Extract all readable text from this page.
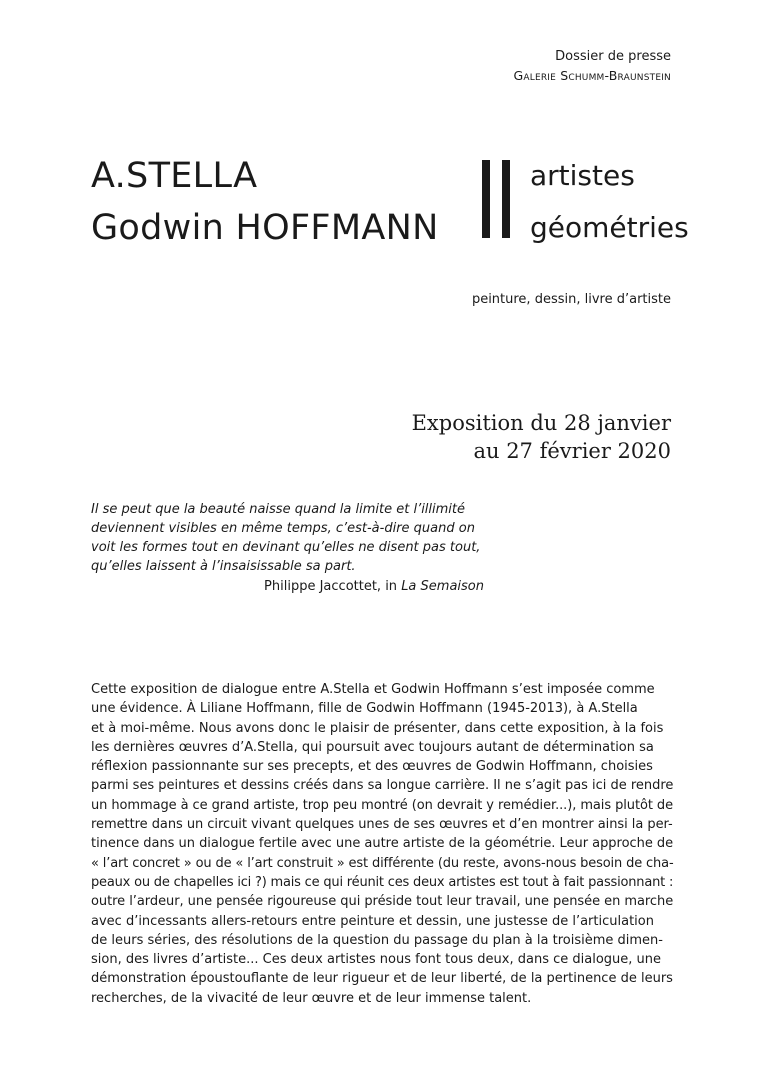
Dossier de presse
Galerie Schumm-Braunstein
A.STELLA
Godwin HOFFMANN
artistes
géométries
peinture, dessin, livre d’artiste
Exposition du 28 janvier
au 27 février 2020
Il se peut que la beauté naisse quand la limite et l’illimité
deviennent visibles en même temps, c’est-à-dire quand on
voit les formes tout en devinant qu’elles ne disent pas tout,
qu’elles laissent à l’insaisissable sa part.
Philippe Jaccottet, in La Semaison
Cette exposition de dialogue entre A.Stella et Godwin Hoffmann s’est imposée comme
une évidence. À Liliane Hoffmann, fille de Godwin Hoffmann (1945-2013), à A.Stella
et à moi-même. Nous avons donc le plaisir de présenter, dans cette exposition, à la fois
les dernières œuvres d’A.Stella, qui poursuit avec toujours autant de détermination sa
réflexion passionnante sur ses precepts, et des œuvres de Godwin Hoffmann, choisies
parmi ses peintures et dessins créés dans sa longue carrière. Il ne s’agit pas ici de rendre
un hommage à ce grand artiste, trop peu montré (on devrait y remédier...), mais plutôt de
remettre dans un circuit vivant quelques unes de ses œuvres et d’en montrer ainsi la per-
tinence dans un dialogue fertile avec une autre artiste de la géométrie. Leur approche de
« l’art concret » ou de « l’art construit » est différente (du reste, avons-nous besoin de cha-
peaux ou de chapelles ici ?) mais ce qui réunit ces deux artistes est tout à fait passionnant :
outre l’ardeur, une pensée rigoureuse qui préside tout leur travail, une pensée en marche
avec d’incessants allers-retours entre peinture et dessin, une justesse de l’articulation
de leurs séries, des résolutions de la question du passage du plan à la troisième dimen-
sion, des livres d’artiste... Ces deux artistes nous font tous deux, dans ce dialogue, une
démonstration époustouflante de leur rigueur et de leur liberté, de la pertinence de leurs
recherches, de la vivacité de leur œuvre et de leur immense talent.
